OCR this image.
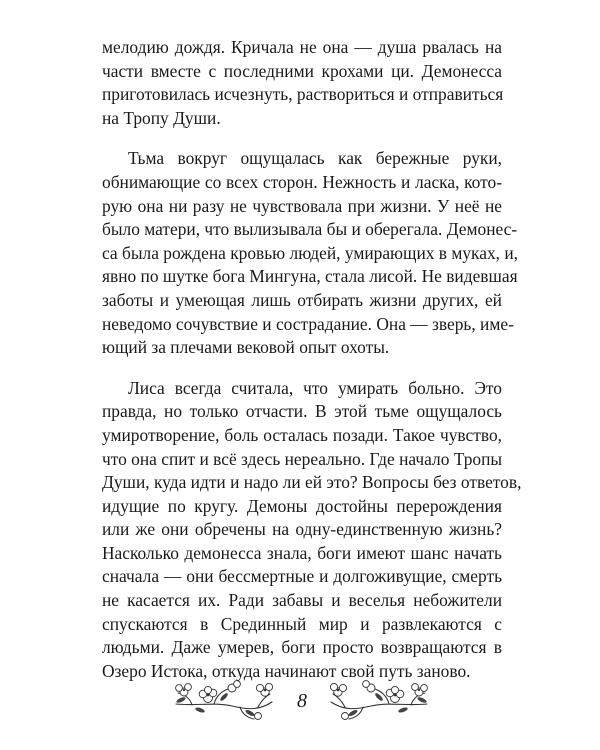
мелодию дождя. Кричала не она — душа рвалась на
части вместе с последними крохами ци. Демонесса
приготовилась исчезнуть, раствориться и отправиться
на Тропу Души.
Тьма вокруг ощущалась как бережные руки,
обнимающие со всех сторон. Нежность и ласка, кото-
рую она ни разу не чувствовала при жизни. У неё не
было матери, что вылизывала бы и оберегала. Демонес-
са была рождена кровью людей, умирающих в муках, и,
явно по шутке бога Мингуна, стала лисой. Не видевшая
заботы и умеющая лишь отбирать жизни других, ей
неведомо сочувствие и сострадание. Она — зверь, име-
ющий за плечами вековой опыт охоты.
Лиса всегда считала, что умирать больно. Это
правда, но только отчасти. В этой тьме ощущалось
умиротворение, боль осталась позади. Такое чувство,
что она спит и всё здесь нереально. Где начало Тропы
Души, куда идти и надо ли ей это? Вопросы без ответов,
идущие по кругу. Демоны достойны перерождения
или же они обречены на одну-единственную жизнь?
Насколько демонесса знала, боги имеют шанс начать
сначала — они бессмертные и долгоживущие, смерть
не касается их. Ради забавы и веселья небожители
спускаются в Срединный мир и развлекаются с
людьми. Даже умерев, боги просто возвращаются в
Озеро Истока, откуда начинают свой путь заново.
8
